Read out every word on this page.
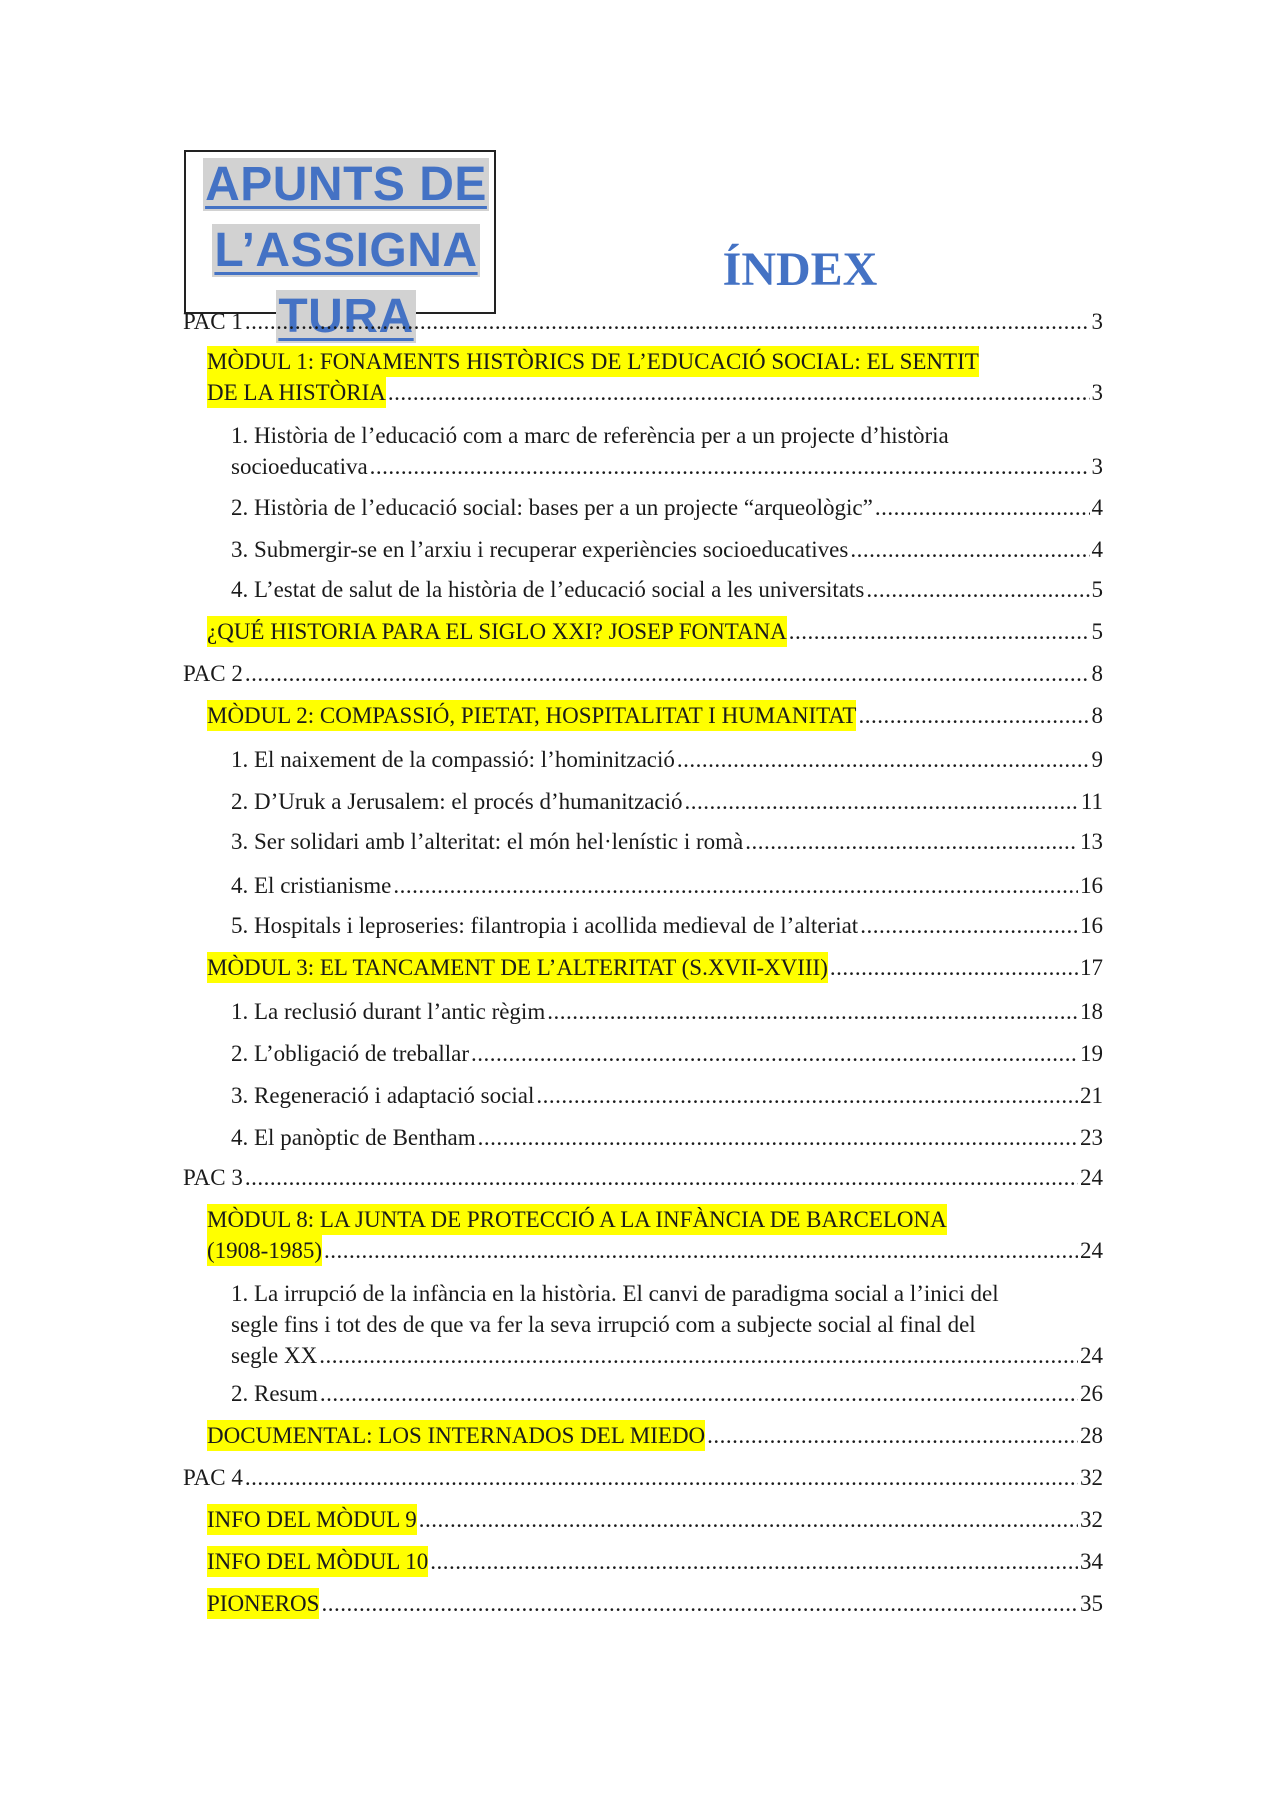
APUNTS DE
L’ASSIGNA
TURA
ÍNDEX
PAC 1 .....	3
MÒDUL 1: FONAMENTS HISTÒRICS DE L’EDUCACIÓ SOCIAL: EL SENTIT
DE LA HISTÒRIA .....	3
1. Història de l’educació com a marc de referència per a un projecte d’història
socioeducativa .....	3
2. Història de l’educació social: bases per a un projecte “arqueològic” .....	4
3. Submergir-se en l’arxiu i recuperar experiències socioeducatives .....	4
4. L’estat de salut de la història de l’educació social a les universitats .....	5
¿QUÉ HISTORIA PARA EL SIGLO XXI? JOSEP FONTANA .....	5
PAC 2 .....	8
MÒDUL 2: COMPASSIÓ, PIETAT, HOSPITALITAT I HUMANITAT .....	8
1. El naixement de la compassió: l’hominització .....	9
2. D’Uruk a Jerusalem: el procés d’humanització .....	11
3. Ser solidari amb l’alteritat: el món hel·lenístic i romà .....	13
4. El cristianisme .....	16
5. Hospitals i leproseries: filantropia i acollida medieval de l’alteriat .....	16
MÒDUL 3: EL TANCAMENT DE L’ALTERITAT (S.XVII-XVIII) .....	17
1. La reclusió durant l’antic règim .....	18
2. L’obligació de treballar .....	19
3. Regeneració i adaptació social .....	21
4. El panòptic de Bentham .....	23
PAC 3 .....	24
MÒDUL 8: LA JUNTA DE PROTECCIÓ A LA INFÀNCIA DE BARCELONA
(1908-1985) .....	24
1. La irrupció de la infància en la història. El canvi de paradigma social a l’inici del
segle fins i tot des de que va fer la seva irrupció com a subjecte social al final del
segle XX .....	24
2. Resum .....	26
DOCUMENTAL: LOS INTERNADOS DEL MIEDO .....	28
PAC 4 .....	32
INFO DEL MÒDUL 9 .....	32
INFO DEL MÒDUL 10 .....	34
PIONEROS .....	35
